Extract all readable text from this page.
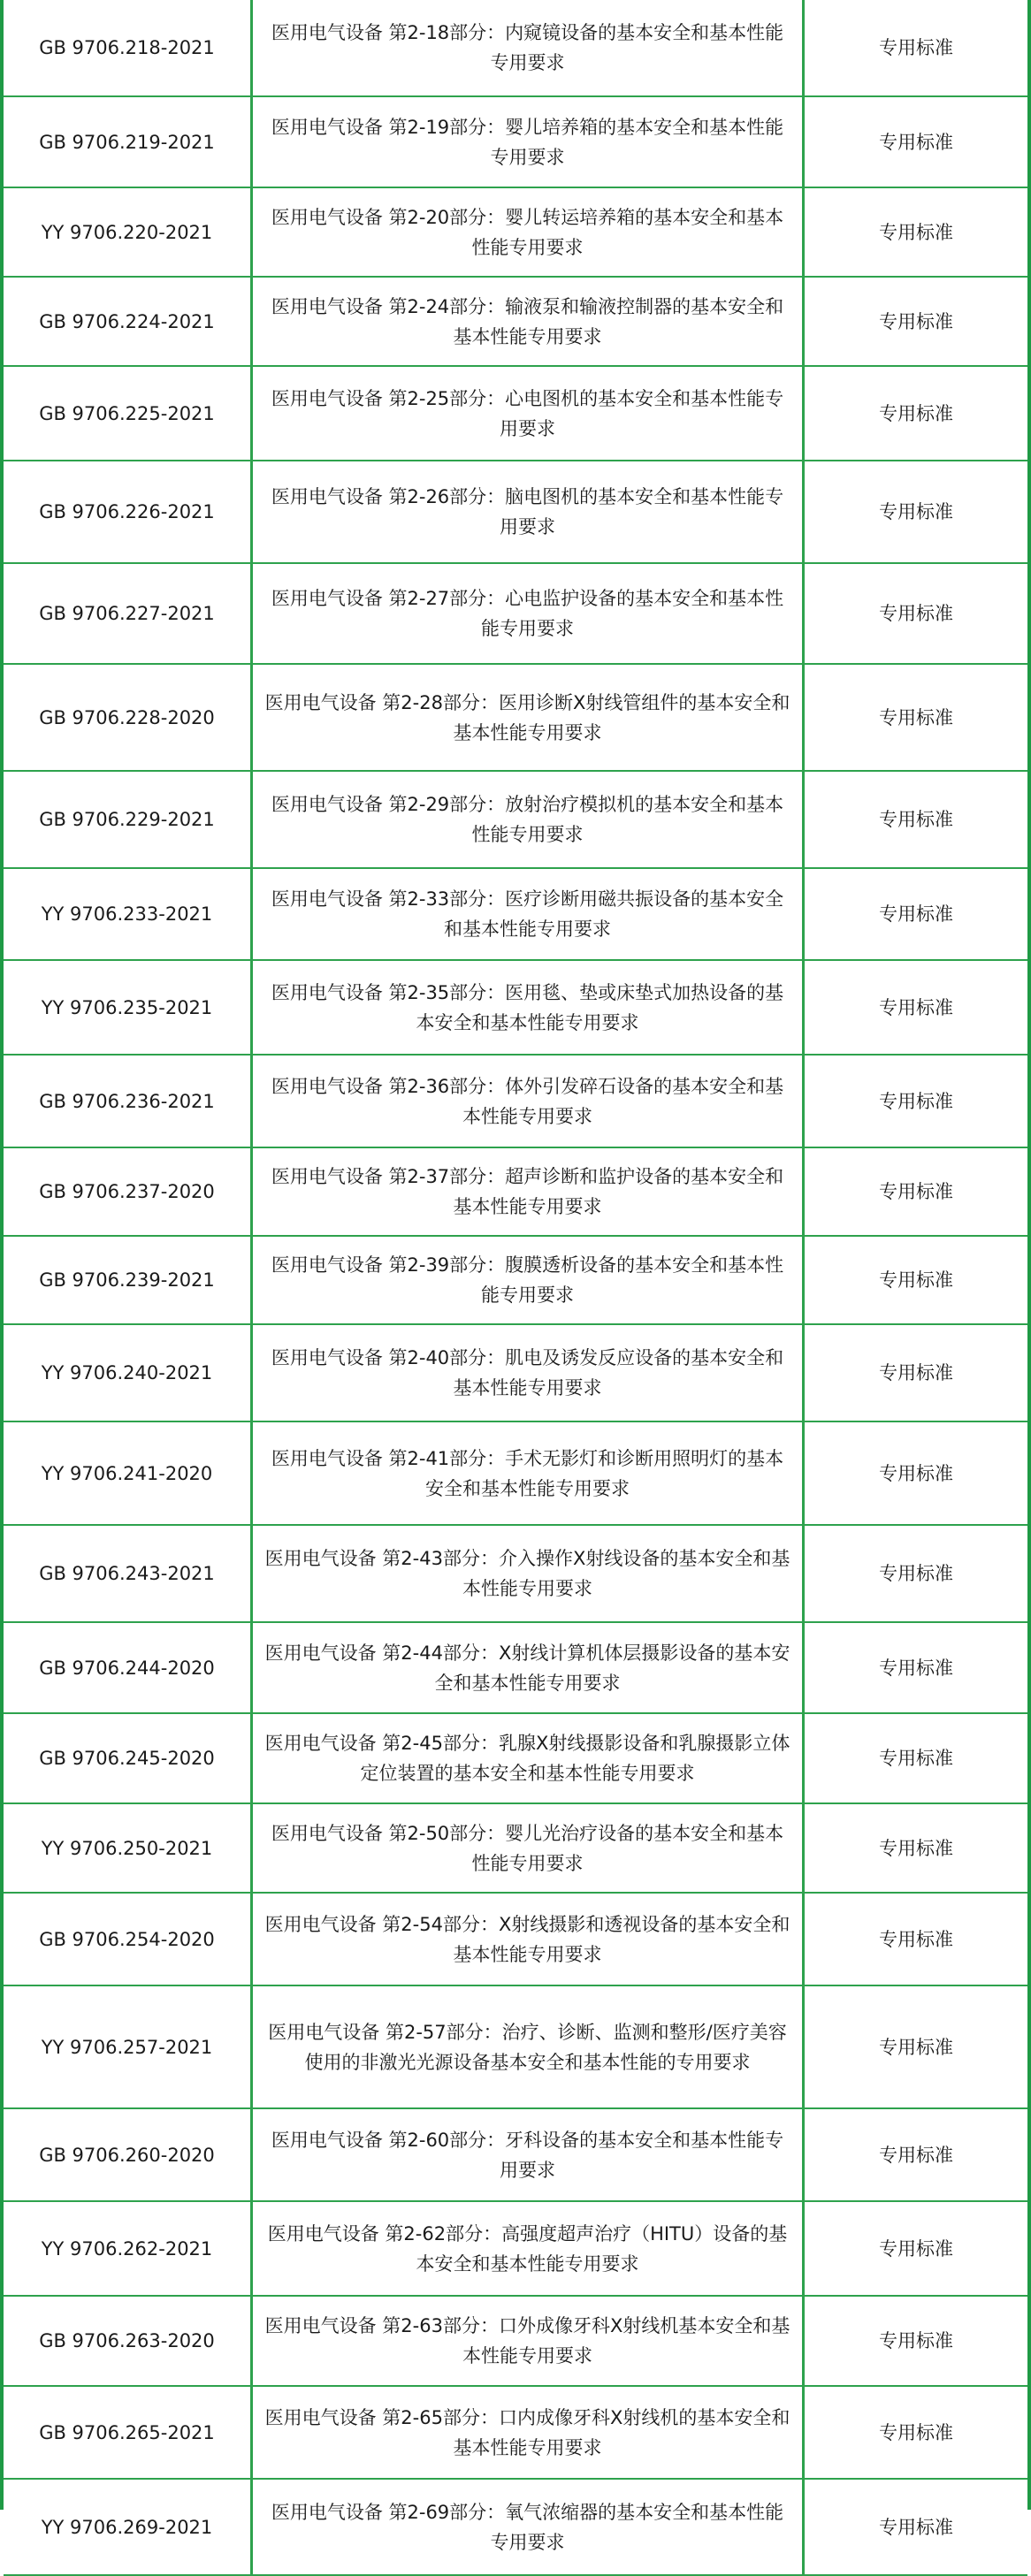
GB 9706.218-2021
医用电气设备 第2-18部分：内窥镜设备的基本安全和基本性能专用要求
专用标准
GB 9706.219-2021
医用电气设备 第2-19部分：婴儿培养箱的基本安全和基本性能专用要求
专用标准
YY 9706.220-2021
医用电气设备 第2-20部分：婴儿转运培养箱的基本安全和基本性能专用要求
专用标准
GB 9706.224-2021
医用电气设备 第2-24部分：输液泵和输液控制器的基本安全和基本性能专用要求
专用标准
GB 9706.225-2021
医用电气设备 第2-25部分：心电图机的基本安全和基本性能专用要求
专用标准
GB 9706.226-2021
医用电气设备 第2-26部分：脑电图机的基本安全和基本性能专用要求
专用标准
GB 9706.227-2021
医用电气设备 第2-27部分：心电监护设备的基本安全和基本性能专用要求
专用标准
GB 9706.228-2020
医用电气设备 第2-28部分：医用诊断X射线管组件的基本安全和基本性能专用要求
专用标准
GB 9706.229-2021
医用电气设备 第2-29部分：放射治疗模拟机的基本安全和基本性能专用要求
专用标准
YY 9706.233-2021
医用电气设备 第2-33部分：医疗诊断用磁共振设备的基本安全和基本性能专用要求
专用标准
YY 9706.235-2021
医用电气设备 第2-35部分：医用毯、垫或床垫式加热设备的基本安全和基本性能专用要求
专用标准
GB 9706.236-2021
医用电气设备 第2-36部分：体外引发碎石设备的基本安全和基本性能专用要求
专用标准
GB 9706.237-2020
医用电气设备 第2-37部分：超声诊断和监护设备的基本安全和基本性能专用要求
专用标准
GB 9706.239-2021
医用电气设备 第2-39部分：腹膜透析设备的基本安全和基本性能专用要求
专用标准
YY 9706.240-2021
医用电气设备 第2-40部分：肌电及诱发反应设备的基本安全和基本性能专用要求
专用标准
YY 9706.241-2020
医用电气设备 第2-41部分：手术无影灯和诊断用照明灯的基本安全和基本性能专用要求
专用标准
GB 9706.243-2021
医用电气设备 第2-43部分：介入操作X射线设备的基本安全和基本性能专用要求
专用标准
GB 9706.244-2020
医用电气设备 第2-44部分：X射线计算机体层摄影设备的基本安全和基本性能专用要求
专用标准
GB 9706.245-2020
医用电气设备 第2-45部分：乳腺X射线摄影设备和乳腺摄影立体定位装置的基本安全和基本性能专用要求
专用标准
YY 9706.250-2021
医用电气设备 第2-50部分：婴儿光治疗设备的基本安全和基本性能专用要求
专用标准
GB 9706.254-2020
医用电气设备 第2-54部分：X射线摄影和透视设备的基本安全和基本性能专用要求
专用标准
YY 9706.257-2021
医用电气设备 第2-57部分：治疗、诊断、监测和整形/医疗美容使用的非激光光源设备基本安全和基本性能的专用要求
专用标准
GB 9706.260-2020
医用电气设备 第2-60部分：牙科设备的基本安全和基本性能专用要求
专用标准
YY 9706.262-2021
医用电气设备 第2-62部分：高强度超声治疗（HITU）设备的基本安全和基本性能专用要求
专用标准
GB 9706.263-2020
医用电气设备 第2-63部分：口外成像牙科X射线机基本安全和基本性能专用要求
专用标准
GB 9706.265-2021
医用电气设备 第2-65部分：口内成像牙科X射线机的基本安全和基本性能专用要求
专用标准
YY 9706.269-2021
医用电气设备 第2-69部分：氧气浓缩器的基本安全和基本性能专用要求
专用标准
